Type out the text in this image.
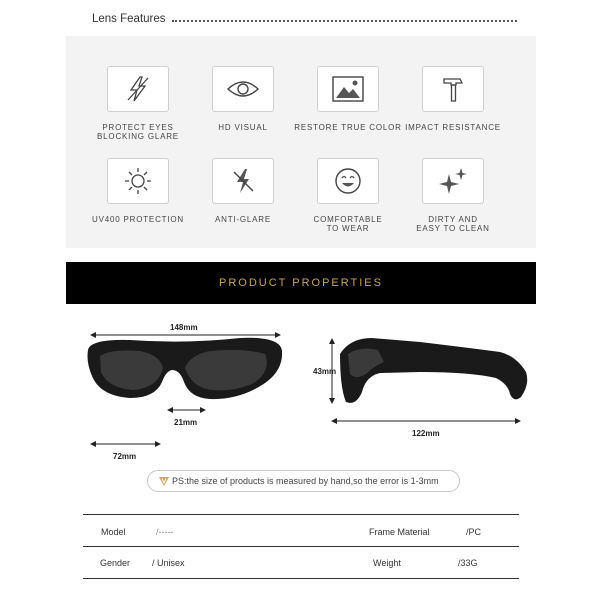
Lens Features
PROTECT EYES
BLOCKING GLARE
HD VISUAL	RESTORE TRUE COLOR IMPACT RESISTANCE
UV400 PROTECTION	ANTI-GLARE	COMFORTABLE
TO WEAR
DIRTY AND
EASY TO CLEAN
PRODUCT PROPERTIES
148mm
21mm
72mm
43mm
122mm
PS:the size of products is measured by hand,so the error is 1-3mm
Model	/-----	Frame Material	/PC
Gender / Unisex	Weight	/33G
